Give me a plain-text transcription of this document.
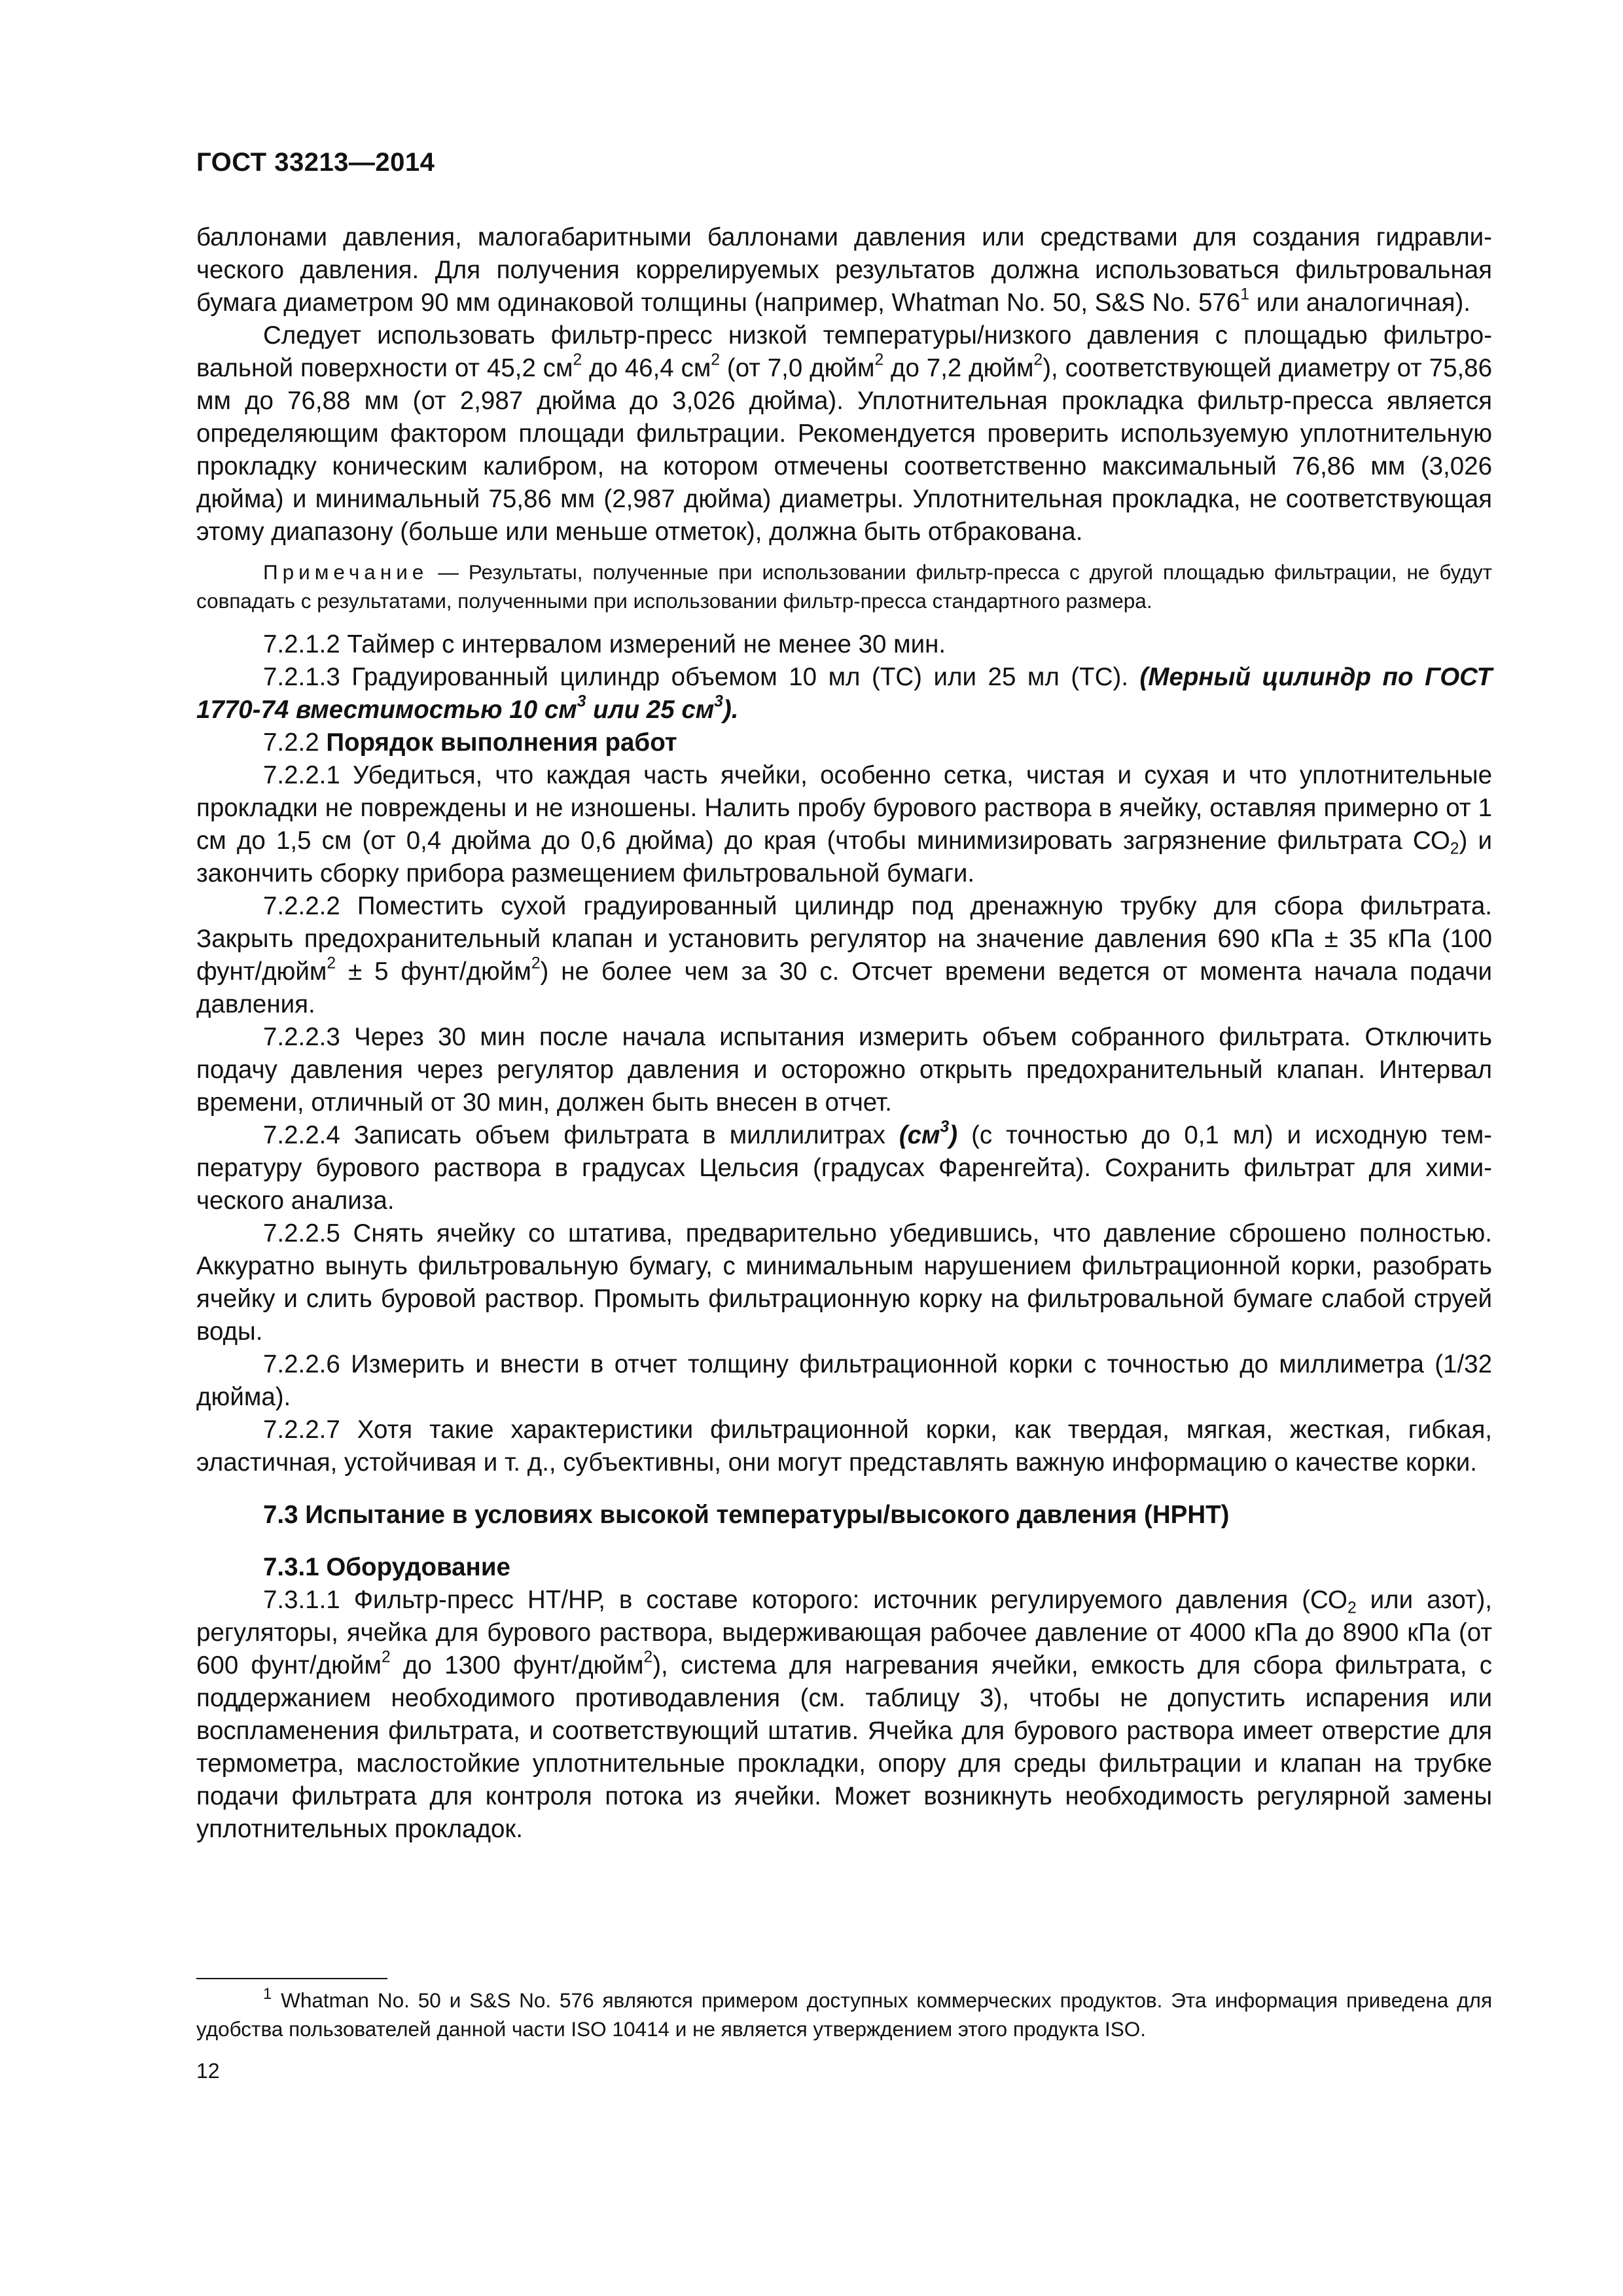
ГОСТ 33213—2014

баллонами давления, малогабаритными баллонами давления или средствами для создания гидравлического давления. Для получения коррелируемых результатов должна использоваться фильтровальная бумага диаметром 90 мм одинаковой толщины (например, Whatman No. 50, S&S No. $576^1$ или аналогичная).

Следует использовать фильтр-пресс низкой температуры/низкого давления с площадью фильтровальной поверхности от 45,2 $см^2$ до 46,4 $см^2$ (от 7,0 дюйм$^2$ до 7,2 дюйм$^2$), соответствующей диаметру от 75,86 мм до 76,88 мм (от 2,987 дюйма до 3,026 дюйма). Уплотнительная прокладка фильтр-пресса является определяющим фактором площади фильтрации. Рекомендуется проверить используемую уплотнительную прокладку коническим калибром, на котором отмечены соответственно максимальный 76,86 мм (3,026 дюйма) и минимальный 75,86 мм (2,987 дюйма) диаметры. Уплотнительная прокладка, не соответствующая этому диапазону (больше или меньше отметок), должна быть отбракована.

Примечание — Результаты, полученные при использовании фильтр-пресса с другой площадью фильтрации, не будут совпадать с результатами, полученными при использовании фильтр-пресса стандартного размера.

7.2.1.2 Таймер с интервалом измерений не менее 30 мин.

7.2.1.3 Градуированный цилиндр объемом 10 мл (ТС) или 25 мл (ТС). (Мерный цилиндр по ГОСТ 1770-74 вместимостью 10 $см^3$ или 25 $см^3$).

7.2.2 Порядок выполнения работ

7.2.2.1 Убедиться, что каждая часть ячейки, особенно сетка, чистая и сухая и что уплотнительные прокладки не повреждены и не изношены. Налить пробу бурового раствора в ячейку, оставляя примерно от 1 см до 1,5 см (от 0,4 дюйма до 0,6 дюйма) до края (чтобы минимизировать загрязнение фильтрата $СО_2$) и закончить сборку прибора размещением фильтровальной бумаги.

7.2.2.2 Поместить сухой градуированный цилиндр под дренажную трубку для сбора фильтрата. Закрыть предохранительный клапан и установить регулятор на значение давления 690 кПа ± 35 кПа (100 фунт/дюйм$^2$ ± 5 фунт/дюйм$^2$) не более чем за 30 с. Отсчет времени ведется от момента начала подачи давления.

7.2.2.3 Через 30 мин после начала испытания измерить объем собранного фильтрата. Отключить подачу давления через регулятор давления и осторожно открыть предохранительный клапан. Интервал времени, отличный от 30 мин, должен быть внесен в отчет.

7.2.2.4 Записать объем фильтрата в миллилитрах $(см^3)$ (с точностью до 0,1 мл) и исходную температуру бурового раствора в градусах Цельсия (градусах Фаренгейта). Сохранить фильтрат для химического анализа.

7.2.2.5 Снять ячейку со штатива, предварительно убедившись, что давление сброшено полностью. Аккуратно вынуть фильтровальную бумагу, с минимальным нарушением фильтрационной корки, разобрать ячейку и слить буровой раствор. Промыть фильтрационную корку на фильтровальной бумаге слабой струей воды.

7.2.2.6 Измерить и внести в отчет толщину фильтрационной корки с точностью до миллиметра (1/32 дюйма).

7.2.2.7 Хотя такие характеристики фильтрационной корки, как твердая, мягкая, жесткая, гибкая, эластичная, устойчивая и т. д., субъективны, они могут представлять важную информацию о качестве корки.

7.3 Испытание в условиях высокой температуры/высокого давления (НРНТ)

7.3.1 Оборудование

7.3.1.1 Фильтр-пресс НТ/НР, в составе которого: источник регулируемого давления ($СО_2$ или азот), регуляторы, ячейка для бурового раствора, выдерживающая рабочее давление от 4000 кПа до 8900 кПа (от 600 фунт/дюйм$^2$ до 1300 фунт/дюйм$^2$), система для нагревания ячейки, емкость для сбора фильтрата, с поддержанием необходимого противодавления (см. таблицу 3), чтобы не допустить испарения или воспламенения фильтрата, и соответствующий штатив. Ячейка для бурового раствора имеет отверстие для термометра, маслостойкие уплотнительные прокладки, опору для среды фильтрации и клапан на трубке подачи фильтрата для контроля потока из ячейки. Может возникнуть необходимость регулярной замены уплотнительных прокладок.

$^1$ Whatman No. 50 и S&S No. 576 являются примером доступных коммерческих продуктов. Эта информация приведена для удобства пользователей данной части ISO 10414 и не является утверждением этого продукта ISO.
12
